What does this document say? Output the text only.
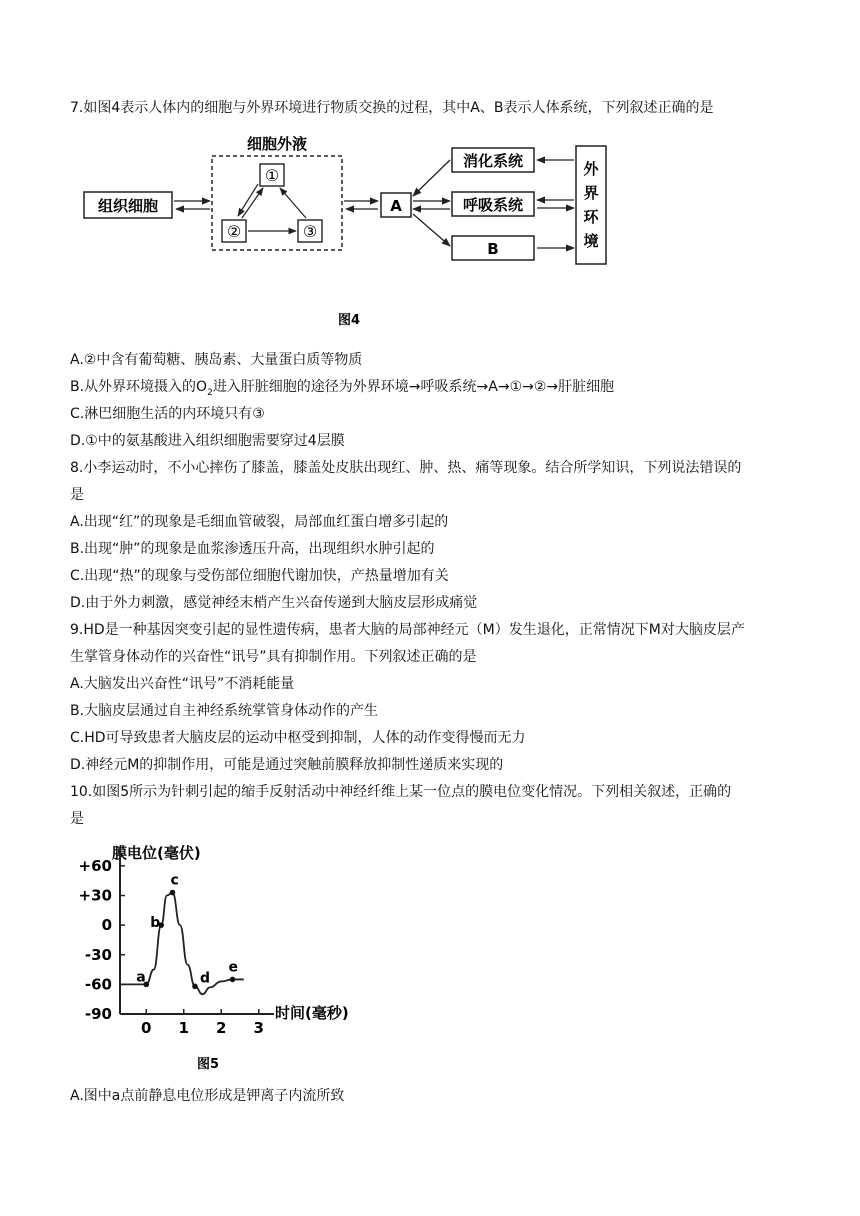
7.如图4表示人体内的细胞与外界环境进行物质交换的过程，其中A、B表示人体系统，下列叙述正确的是
组织细胞
细胞外液
①
②	③
A
消化系统
呼吸系统
B
外
界
环
境
图4
A.②中含有葡萄糖、胰岛素、大量蛋白质等物质
B.从外界环境摄入的$O_2$进入肝脏细胞的途径为外界环境→呼吸系统→A→①→②→肝脏细胞
C.淋巴细胞生活的内环境只有③
D.①中的氨基酸进入组织细胞需要穿过4层膜
8.小李运动时，不小心摔伤了膝盖，膝盖处皮肤出现红、肿、热、痛等现象。结合所学知识，下列说法错误的
是
A.出现“红”的现象是毛细血管破裂，局部血红蛋白增多引起的
B.出现“肿”的现象是血浆渗透压升高，出现组织水肿引起的
C.出现“热”的现象与受伤部位细胞代谢加快，产热量增加有关
D.由于外力刺激，感觉神经末梢产生兴奋传递到大脑皮层形成痛觉
9.HD是一种基因突变引起的显性遗传病，患者大脑的局部神经元（M）发生退化，正常情况下M对大脑皮层产
生掌管身体动作的兴奋性“讯号”具有抑制作用。下列叙述正确的是
A.大脑发出兴奋性“讯号”不消耗能量
B.大脑皮层通过自主神经系统掌管身体动作的产生
C.HD可导致患者大脑皮层的运动中枢受到抑制，人体的动作变得慢而无力
D.神经元M的抑制作用，可能是通过突触前膜释放抑制性递质来实现的
10.如图5所示为针刺引起的缩手反射活动中神经纤维上某一位点的膜电位变化情况。下列相关叙述，正确的
是
膜电位(毫伏)
时间(毫秒)
图5
+60
+30
0
-30
-60
-90
0 1 2 3
a
b
c
d
e
A.图中a点前静息电位形成是钾离子内流所致
